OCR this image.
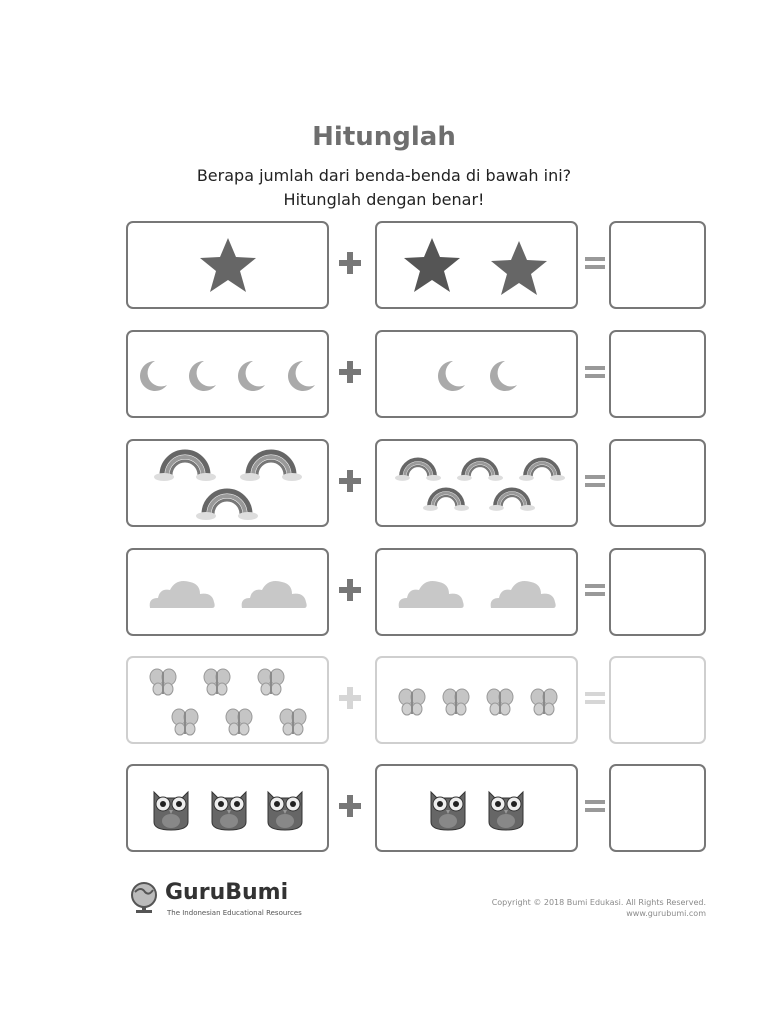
Hitunglah
Berapa jumlah dari benda-benda di bawah ini?
Hitunglah dengan benar!
GuruBumi
The Indonesian Educational Resources
Copyright © 2018 Bumi Edukasi. All Rights Reserved.
www.gurubumi.com
